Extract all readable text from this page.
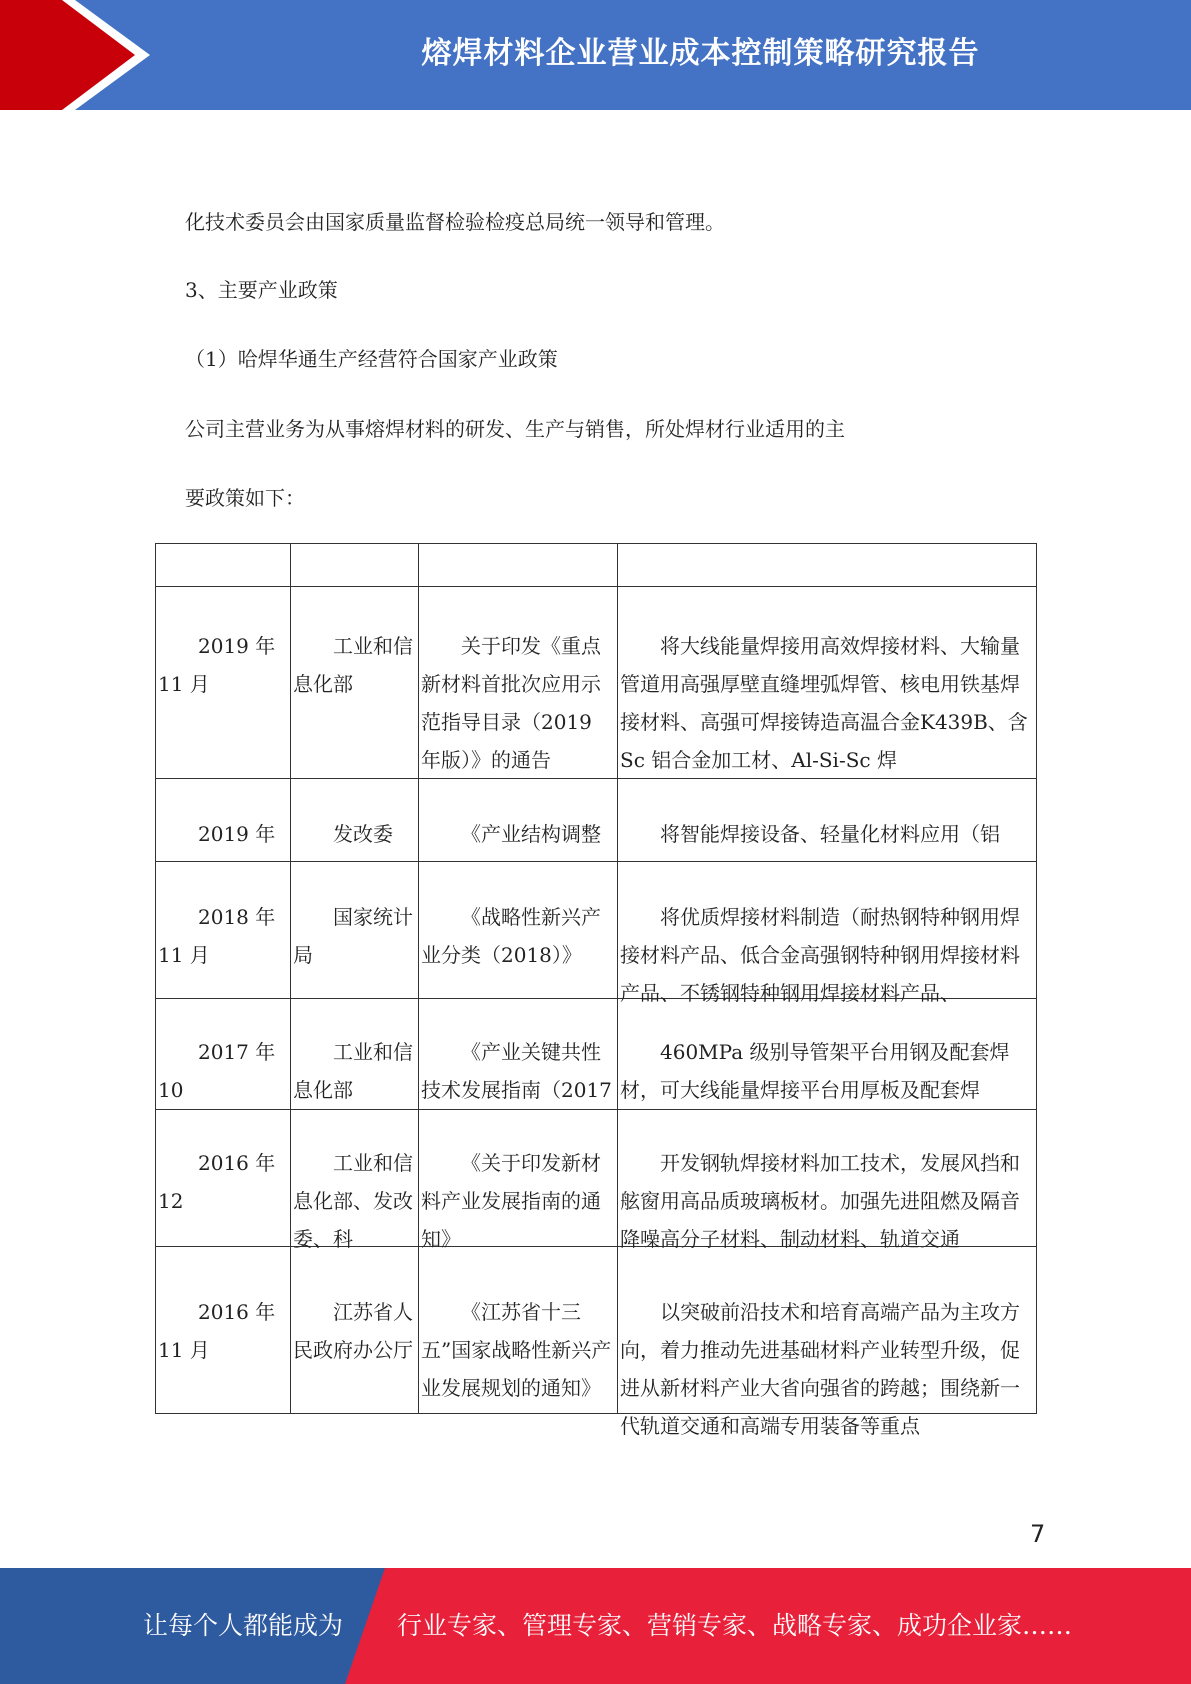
熔焊材料企业营业成本控制策略研究报告
化技术委员会由国家质量监督检验检疫总局统一领导和管理。
3、主要产业政策
（1）哈焊华通生产经营符合国家产业政策
公司主营业务为从事熔焊材料的研发、生产与销售，所处焊材行业适用的主
要政策如下：

2019 年 11 月	工业和信息化部	关于印发《重点新材料首批次应用示范指导目录（2019 年版）》的通告	将大线能量焊接用高效焊接材料、大输量管道用高强厚壁直缝埋弧焊管、核电用铁基焊接材料、高强可焊接铸造高温合金K439B、含 Sc 铝合金加工材、Al-Si-Sc 焊

2019 年	发改委	《产业结构调整	将智能焊接设备、轻量化材料应用（铝

2018 年 11 月	国家统计局	《战略性新兴产业分类（2018）》	将优质焊接材料制造（耐热钢特种钢用焊接材料产品、低合金高强钢特种钢用焊接材料产品、不锈钢特种钢用焊接材料产品、

2017 年 10	工业和信息化部	《产业关键共性技术发展指南（2017	460MPa 级别导管架平台用钢及配套焊材，可大线能量焊接平台用厚板及配套焊

2016 年 12	工业和信息化部、发改委、科	《关于印发新材料产业发展指南的通知》	开发钢轨焊接材料加工技术，发展风挡和舷窗用高品质玻璃板材。加强先进阻燃及隔音降噪高分子材料、制动材料、轨道交通

2016 年 11 月	江苏省人民政府办公厅	《江苏省十三五”国家战略性新兴产业发展规划的通知》	以突破前沿技术和培育高端产品为主攻方向，着力推动先进基础材料产业转型升级，促进从新材料产业大省向强省的跨越；围绕新一代轨道交通和高端专用装备等重点
7
让每个人都能成为 行业专家、管理专家、营销专家、战略专家、成功企业家……
